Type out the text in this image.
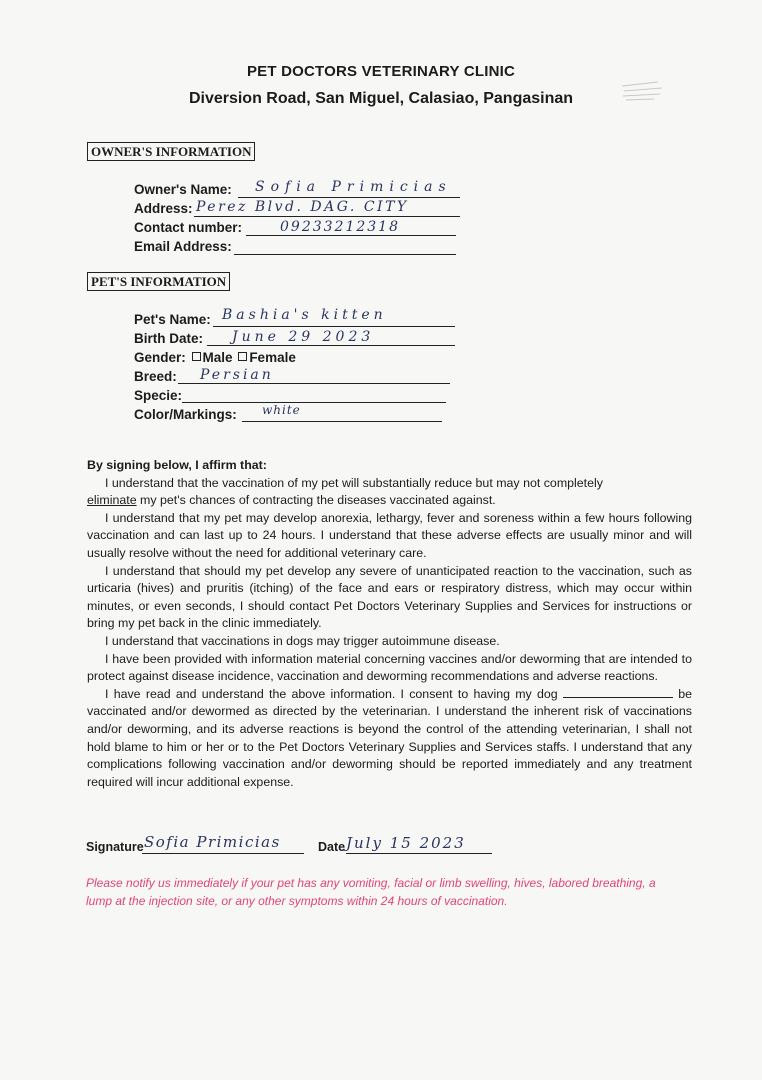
PET DOCTORS VETERINARY CLINIC
Diversion Road, San Miguel, Calasiao, Pangasinan
OWNER'S INFORMATION
Owner's Name: Sofia Primicias
Address: Perez Blvd. DAG. CITY
Contact number:	09233212318
Email Address:
PET'S INFORMATION
Pet's Name: Bashia's kitten
Birth Date: June 29 2023
Gender: Male Female
Breed: Persian
Specie:
Color/Markings: white

By signing below, I affirm that:

I understand that the vaccination of my pet will substantially reduce but may not completely
eliminate my pet's chances of contracting the diseases vaccinated against.

I understand that my pet may develop anorexia, lethargy, fever and soreness within a few hours following vaccination and can last up to 24 hours. I understand that these adverse effects are usually minor and will usually resolve without the need for additional veterinary care.

I understand that should my pet develop any severe of unanticipated reaction to the vaccination, such as urticaria (hives) and pruritis (itching) of the face and ears or respiratory distress, which may occur within minutes, or even seconds, I should contact Pet Doctors Veterinary Supplies and Services for instructions or bring my pet back in the clinic immediately.

I understand that vaccinations in dogs may trigger autoimmune disease.

I have been provided with information material concerning vaccines and/or deworming that are intended to protect against disease incidence, vaccination and deworming recommendations and adverse reactions.

I have read and understand the above information. I consent to having my dog	be vaccinated and/or dewormed as directed by the veterinarian. I understand the inherent risk of vaccinations and/or deworming, and its adverse reactions is beyond the control of the attending veterinarian, I shall not hold blame to him or her or to the Pet Doctors Veterinary Supplies and Services staffs. I understand that any complications following vaccination and/or deworming should be reported immediately and any treatment required will incur additional expense.

Signature Sofia Primicias	Date July 15 2023
Please notify us immediately if your pet has any vomiting, facial or limb swelling, hives, labored breathing, a lump at the injection site, or any other symptoms within 24 hours of vaccination.
